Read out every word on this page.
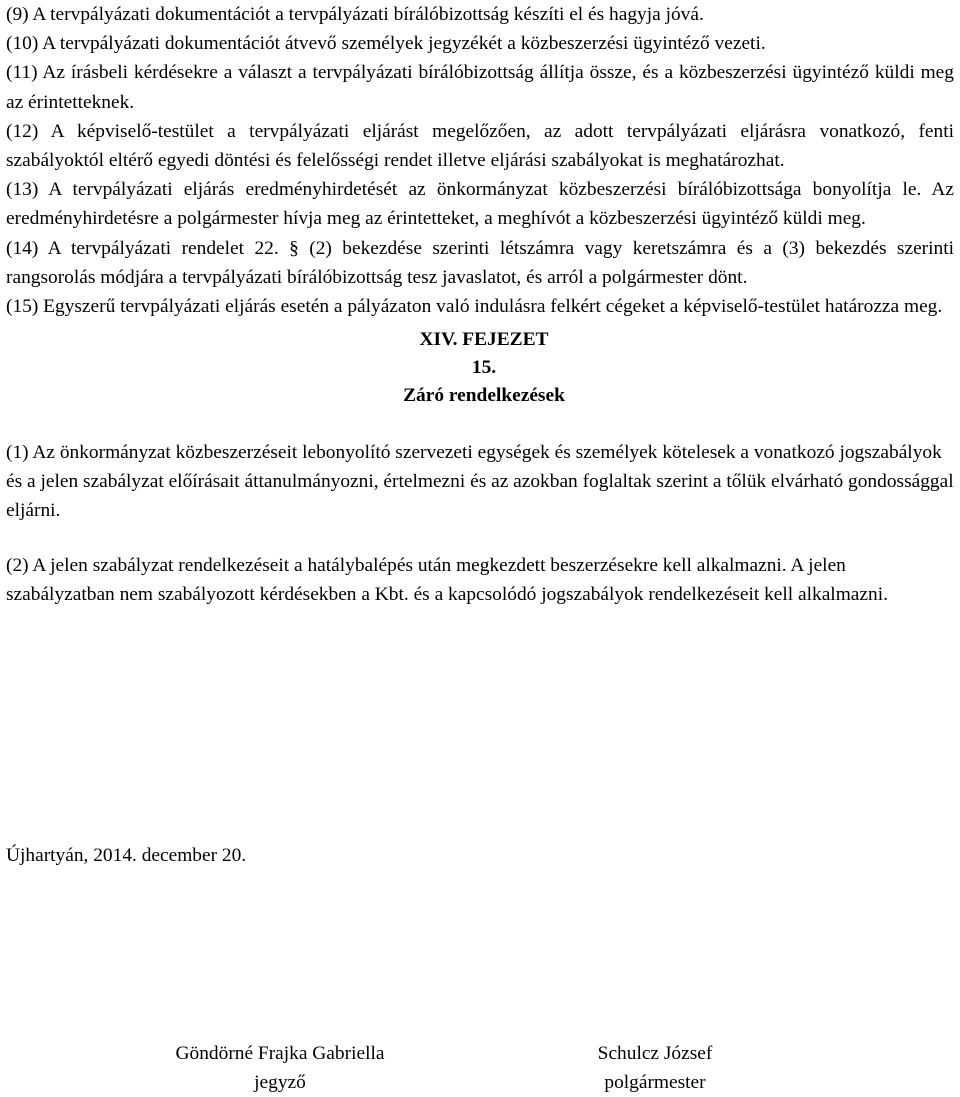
(9) A tervpályázati dokumentációt a tervpályázati bírálóbizottság készíti el és hagyja jóvá.

(10) A tervpályázati dokumentációt átvevő személyek jegyzékét a közbeszerzési ügyintéző vezeti.

(11) Az írásbeli kérdésekre a választ a tervpályázati bírálóbizottság állítja össze, és a közbeszerzési ügyintéző küldi meg az érintetteknek.

(12) A képviselő-testület a tervpályázati eljárást megelőzően, az adott tervpályázati eljárásra vonatkozó, fenti szabályoktól eltérő egyedi döntési és felelősségi rendet illetve eljárási szabályokat is meghatározhat.

(13) A tervpályázati eljárás eredményhirdetését az önkormányzat közbeszerzési bírálóbizottsága bonyolítja le. Az eredményhirdetésre a polgármester hívja meg az érintetteket, a meghívót a közbeszerzési ügyintéző küldi meg.

(14) A tervpályázati rendelet 22. § (2) bekezdése szerinti létszámra vagy keretszámra és a (3) bekezdés szerinti rangsorolás módjára a tervpályázati bírálóbizottság tesz javaslatot, és arról a polgármester dönt.

(15) Egyszerű tervpályázati eljárás esetén a pályázaton való indulásra felkért cégeket a képviselő-testület határozza meg.

XIV. FEJEZET

15.

Záró rendelkezések

(1) Az önkormányzat közbeszerzéseit lebonyolító szervezeti egységek és személyek kötelesek a vonatkozó jogszabályok és a jelen szabályzat előírásait áttanulmányozni, értelmezni és az azokban foglaltak szerint a tőlük elvárható gondossággal eljárni.

(2) A jelen szabályzat rendelkezéseit a hatálybalépés után megkezdett beszerzésekre kell alkalmazni. A jelen szabályzatban nem szabályozott kérdésekben a Kbt. és a kapcsolódó jogszabályok rendelkezéseit kell alkalmazni.

Újhartyán, 2014. december 20.

Göndörné Frajka Gabriella

jegyző

Schulcz József

polgármester
